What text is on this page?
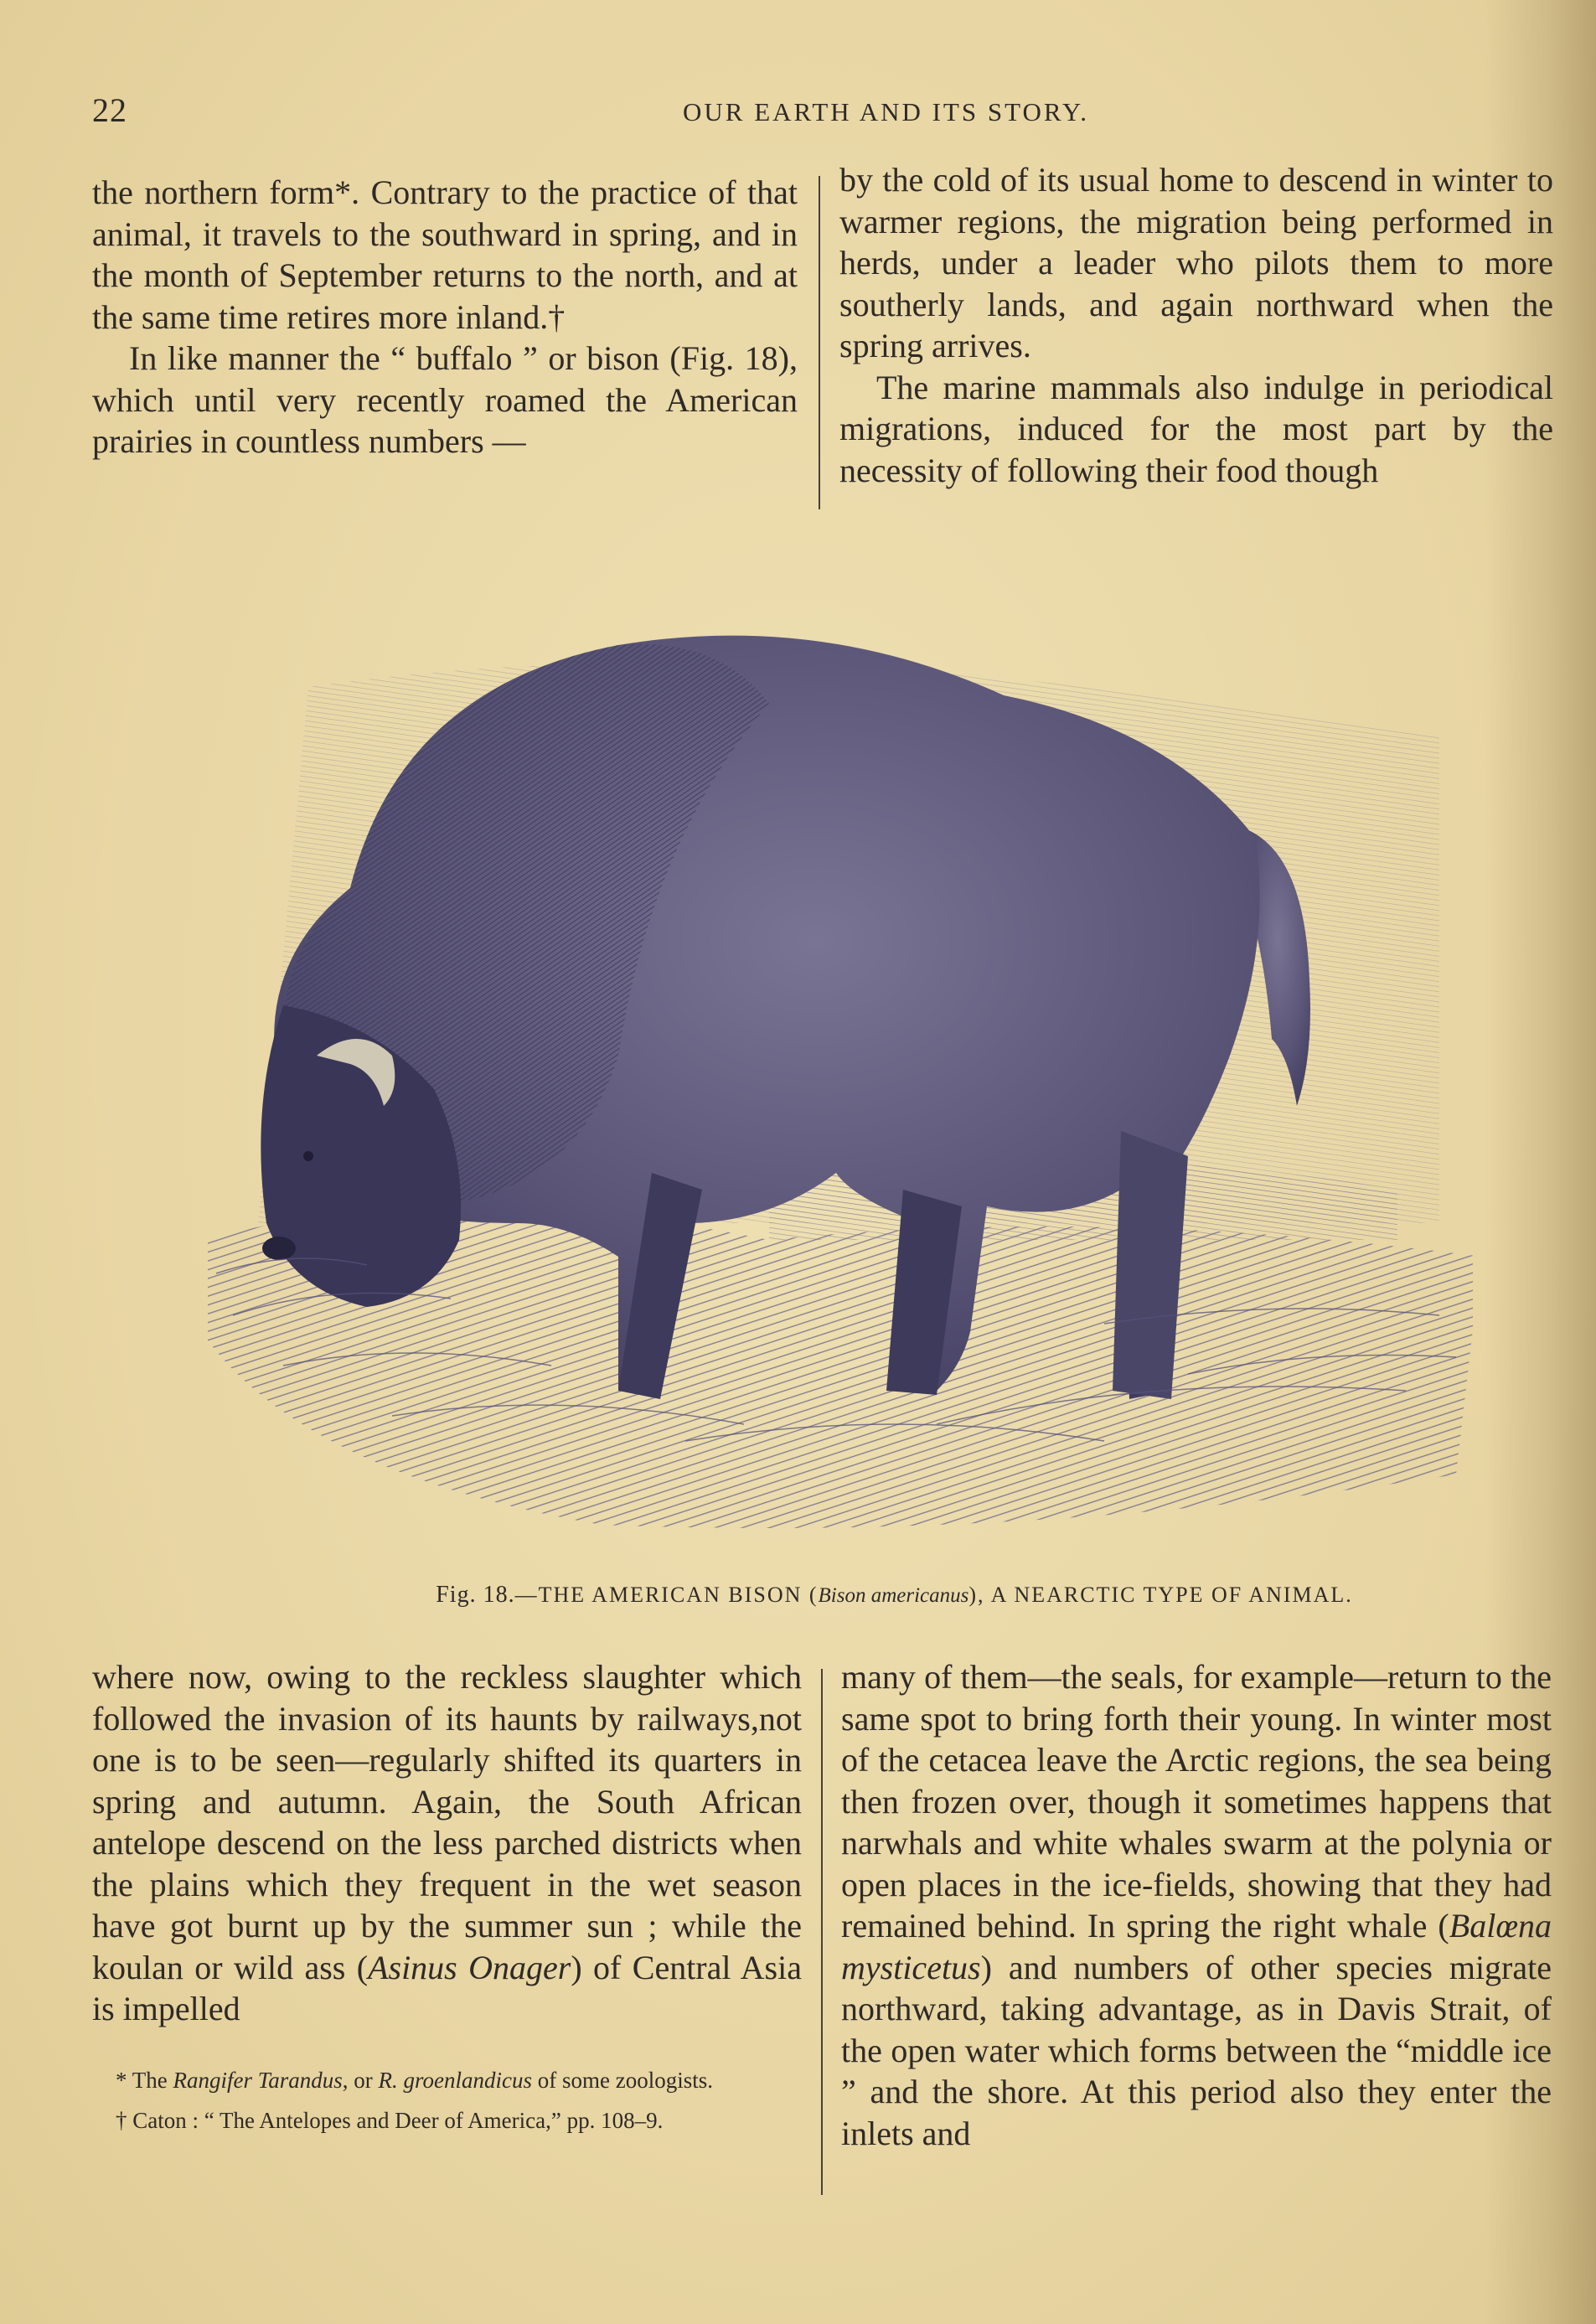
22	OUR EARTH AND ITS STORY.

the northern form*. Contrary to the practice of that animal, it travels to the southward in spring, and in the month of September returns to the north, and at the same time retires more inland.†

In like manner the “ buffalo ” or bison (Fig. 18), which until very recently roamed the American prairies in countless numbers —

by the cold of its usual home to descend in winter to warmer regions, the migration being performed in herds, under a leader who pilots them to more southerly lands, and again northward when the spring arrives.

The marine mammals also indulge in periodical migrations, induced for the most part by the necessity of following their food though

Fig. 18.—THE AMERICAN BISON (Bison americanus), A NEARCTIC TYPE OF ANIMAL.

where now, owing to the reckless slaughter which followed the invasion of its haunts by railways,not one is to be seen—regularly shifted its quarters in spring and autumn. Again, the South African antelope descend on the less parched districts when the plains which they frequent in the wet season have got burnt up by the summer sun ; while the koulan or wild ass (Asinus Onager) of Central Asia is impelled

many of them—the seals, for example—return to the same spot to bring forth their young. In winter most of the cetacea leave the Arctic regions, the sea being then frozen over, though it sometimes happens that narwhals and white whales swarm at the polynia or open places in the ice-fields, showing that they had remained behind. In spring the right whale (Balœna mysticetus) and numbers of other species migrate northward, taking advantage, as in Davis Strait, of the open water which forms between the “middle ice ” and the shore. At this period also they enter the inlets and

* The Rangifer Tarandus, or R. groenlandicus of some zoologists.

† Caton : “ The Antelopes and Deer of America,” pp. 108–9.
